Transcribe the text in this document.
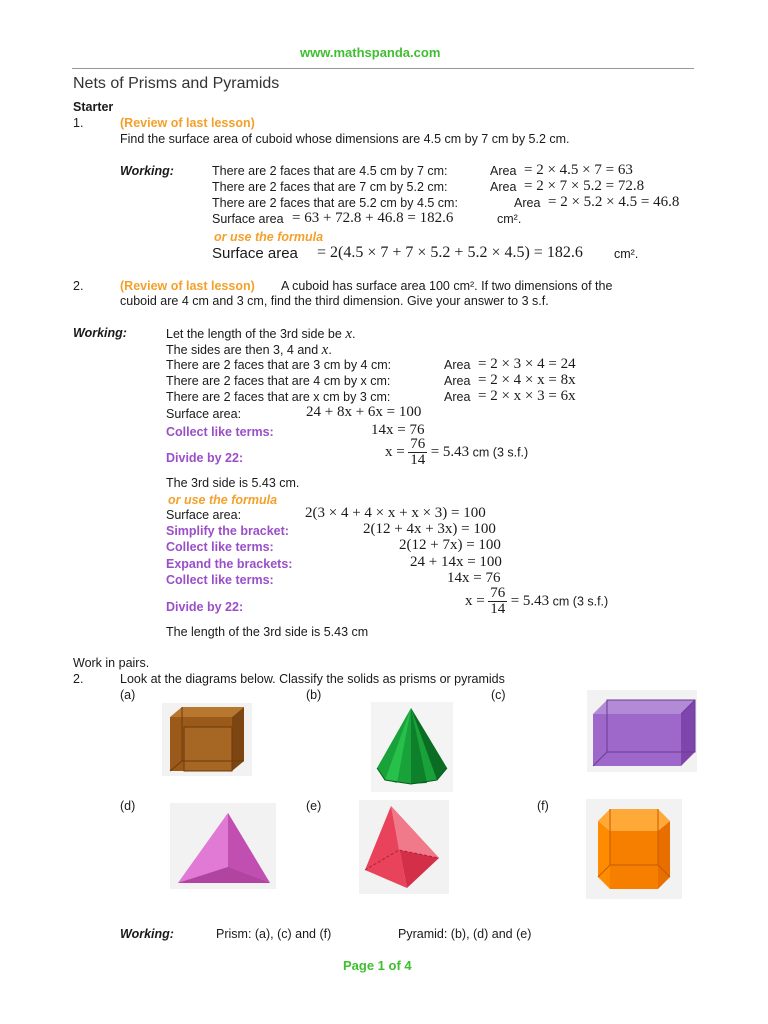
www.mathspanda.com
Nets of Prisms and Pyramids
Starter
1.	(Review of last lesson)
Find the surface area of cuboid whose dimensions are 4.5 cm by 7 cm by 5.2 cm.
Working:	There are 2 faces that are 4.5 cm by 7 cm:	Area = 2 × 4.5 × 7 = 63
There are 2 faces that are 7 cm by 5.2 cm:	Area = 2 × 7 × 5.2 = 72.8
There are 2 faces that are 5.2 cm by 4.5 cm:	Area = 2 × 5.2 × 4.5 = 46.8
Surface area = 63 + 72.8 + 46.8 = 182.6	cm².
or use the formula
Surface area = 2(4.5 × 7 + 7 × 5.2 + 5.2 × 4.5) = 182.6 cm².
2.	(Review of last lesson) A cuboid has surface area 100 cm². If two dimensions of the
cuboid are 4 cm and 3 cm, find the third dimension. Give your answer to 3 s.f.
Working:	Let the length of the 3rd side be x.
The sides are then 3, 4 and x.
There are 2 faces that are 3 cm by 4 cm:	Area = 2 × 3 × 4 = 24
There are 2 faces that are 4 cm by x cm:	Area = 2 × 4 × x = 8x
There are 2 faces that are x cm by 3 cm:	Area = 2 × x × 3 = 6x
Surface area:	24 + 8x + 6x = 100
Collect like terms:	14x = 76
Divide by 22:	$x = \frac{76}{14} = 5.43$ cm (3 s.f.)
The 3rd side is 5.43 cm.
or use the formula
Surface area:	2(3 × 4 + 4 × x + x × 3) = 100
Simplify the bracket:	2(12 + 4x + 3x) = 100
Collect like terms:	2(12 + 7x) = 100
Expand the brackets:	24 + 14x = 100
Collect like terms:	14x = 76
Divide by 22:	$x = \frac{76}{14} = 5.43$ cm (3 s.f.)
The length of the 3rd side is 5.43 cm
Work in pairs.
2.	Look at the diagrams below. Classify the solids as prisms or pyramids
(a)	(b)	(c)
(d)	(e)	(f)
Working:	Prism: (a), (c) and (f)	Pyramid: (b), (d) and (e)
Page 1 of 4
